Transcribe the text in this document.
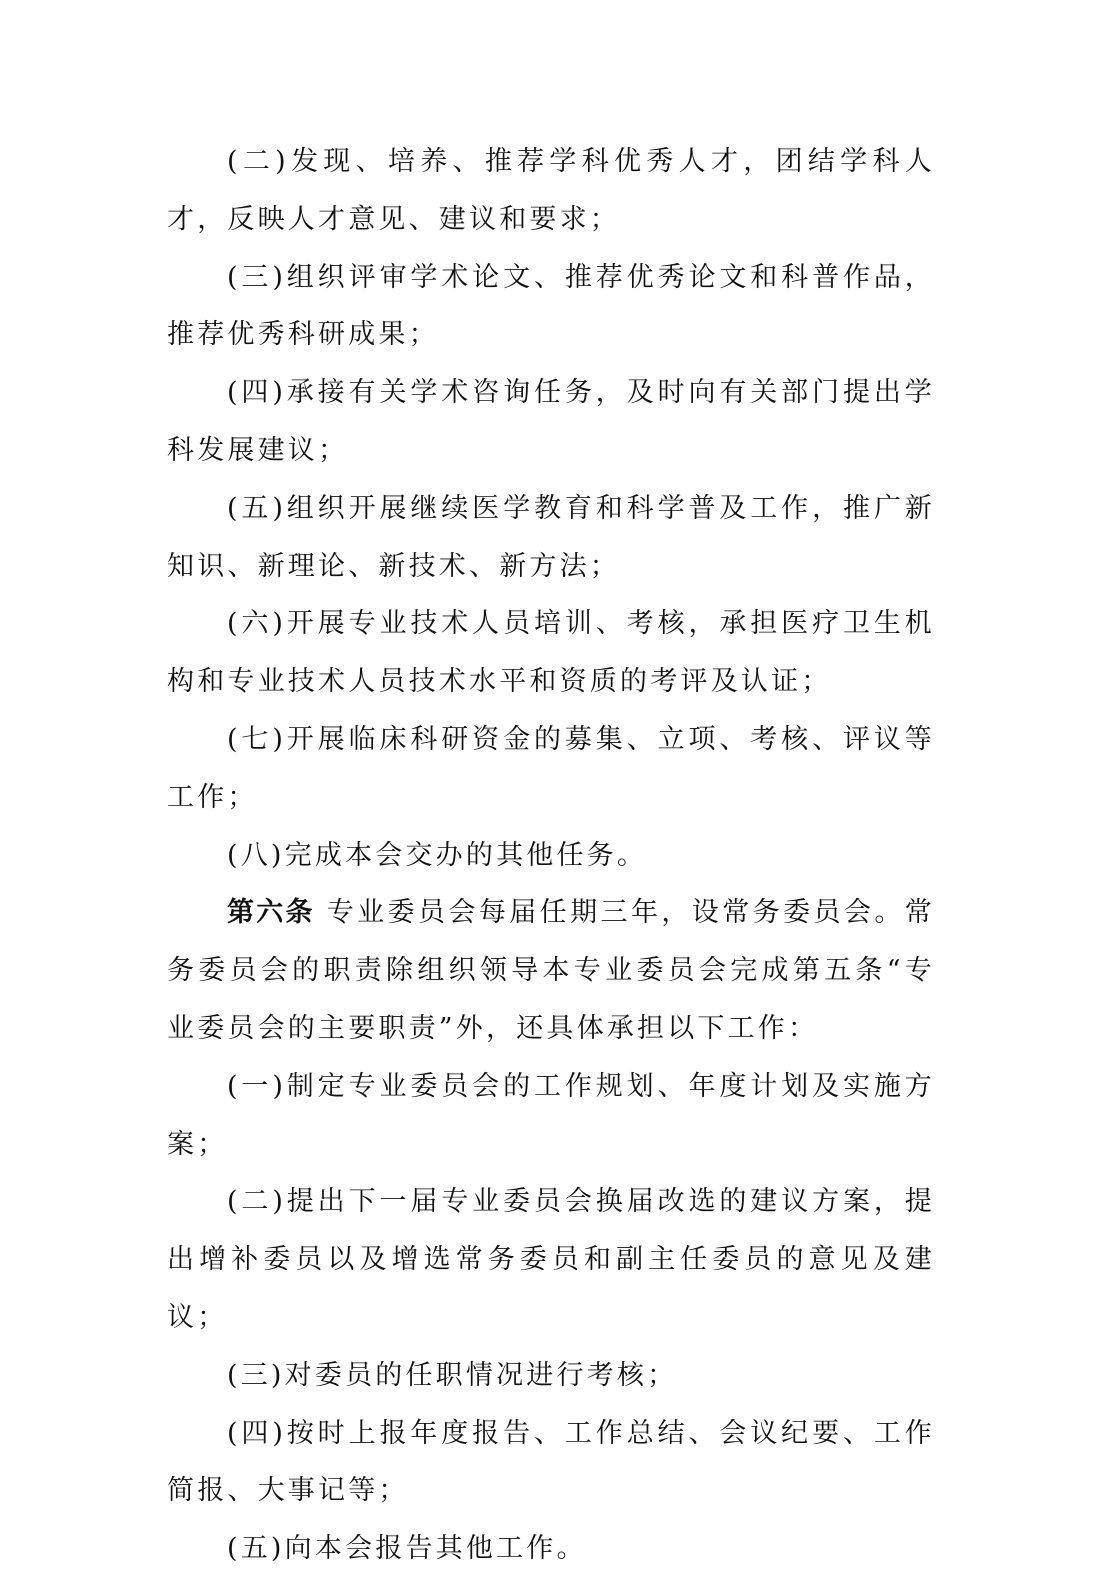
(二)发现、培养、推荐学科优秀人才，团结学科人才，反映人才意见、建议和要求；

(三)组织评审学术论文、推荐优秀论文和科普作品，推荐优秀科研成果；

(四)承接有关学术咨询任务，及时向有关部门提出学科发展建议；

(五)组织开展继续医学教育和科学普及工作，推广新知识、新理论、新技术、新方法；

(六)开展专业技术人员培训、考核，承担医疗卫生机构和专业技术人员技术水平和资质的考评及认证；

(七)开展临床科研资金的募集、立项、考核、评议等工作；

(八)完成本会交办的其他任务。

第六条 专业委员会每届任期三年，设常务委员会。常务委员会的职责除组织领导本专业委员会完成第五条“专业委员会的主要职责”外，还具体承担以下工作：

(一)制定专业委员会的工作规划、年度计划及实施方案；

(二)提出下一届专业委员会换届改选的建议方案，提出增补委员以及增选常务委员和副主任委员的意见及建议；

(三)对委员的任职情况进行考核；

(四)按时上报年度报告、工作总结、会议纪要、工作简报、大事记等；

(五)向本会报告其他工作。
